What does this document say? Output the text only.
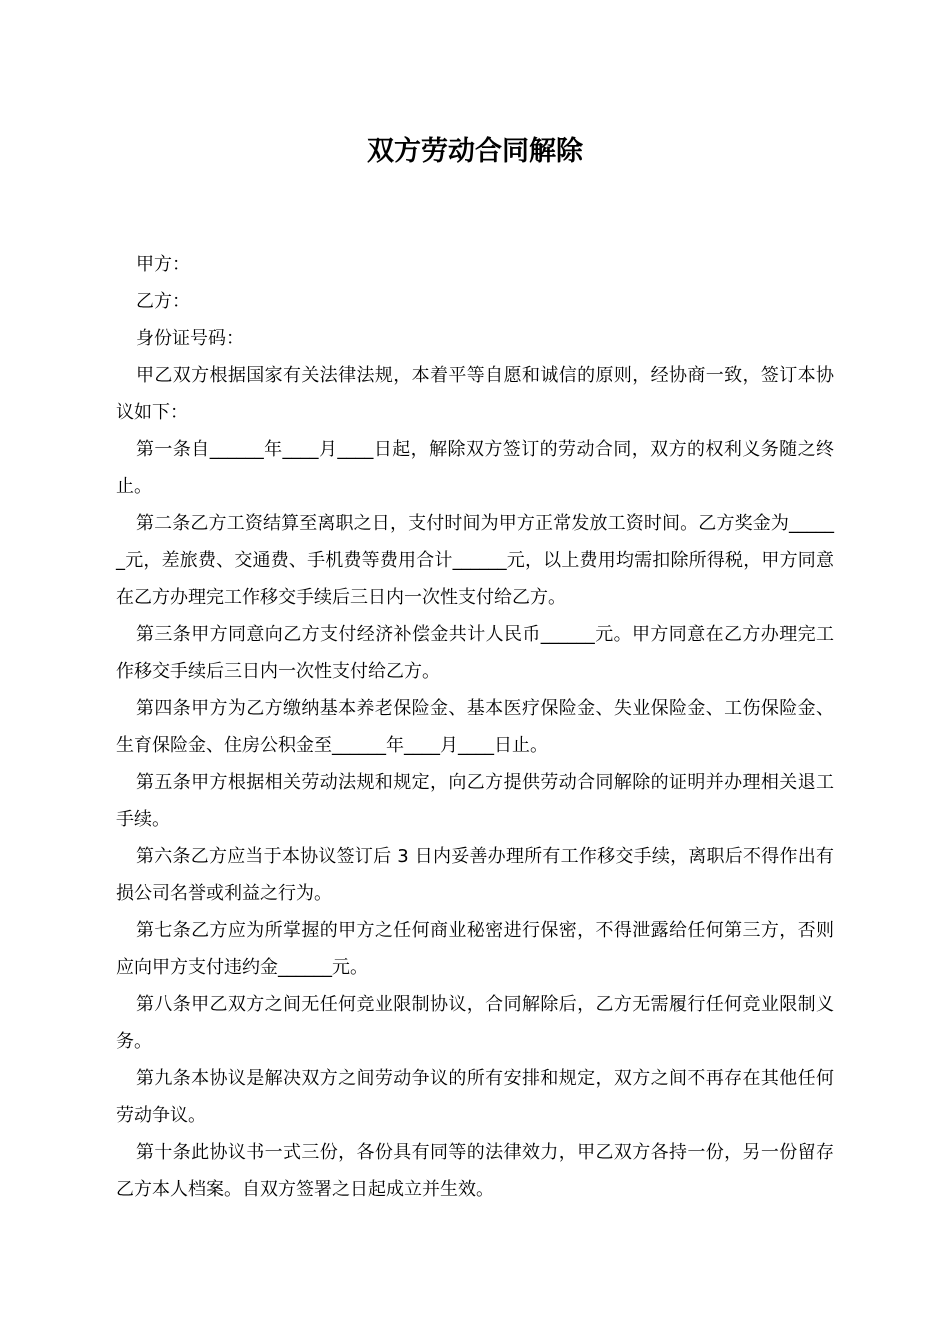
双方劳动合同解除

甲方：

乙方：

身份证号码：

甲乙双方根据国家有关法律法规，本着平等自愿和诚信的原则，经协商一致，签订本协议如下：

第一条自______年____月____日起，解除双方签订的劳动合同，双方的权利义务随之终止。

第二条乙方工资结算至离职之日，支付时间为甲方正常发放工资时间。乙方奖金为______元，差旅费、交通费、手机费等费用合计______元，以上费用均需扣除所得税，甲方同意在乙方办理完工作移交手续后三日内一次性支付给乙方。

第三条甲方同意向乙方支付经济补偿金共计人民币______元。甲方同意在乙方办理完工作移交手续后三日内一次性支付给乙方。

第四条甲方为乙方缴纳基本养老保险金、基本医疗保险金、失业保险金、工伤保险金、生育保险金、住房公积金至______年____月____日止。

第五条甲方根据相关劳动法规和规定，向乙方提供劳动合同解除的证明并办理相关退工手续。

第六条乙方应当于本协议签订后 3 日内妥善办理所有工作移交手续，离职后不得作出有损公司名誉或利益之行为。

第七条乙方应为所掌握的甲方之任何商业秘密进行保密，不得泄露给任何第三方，否则应向甲方支付违约金______元。

第八条甲乙双方之间无任何竞业限制协议，合同解除后，乙方无需履行任何竞业限制义务。

第九条本协议是解决双方之间劳动争议的所有安排和规定，双方之间不再存在其他任何劳动争议。

第十条此协议书一式三份，各份具有同等的法律效力，甲乙双方各持一份，另一份留存乙方本人档案。自双方签署之日起成立并生效。
